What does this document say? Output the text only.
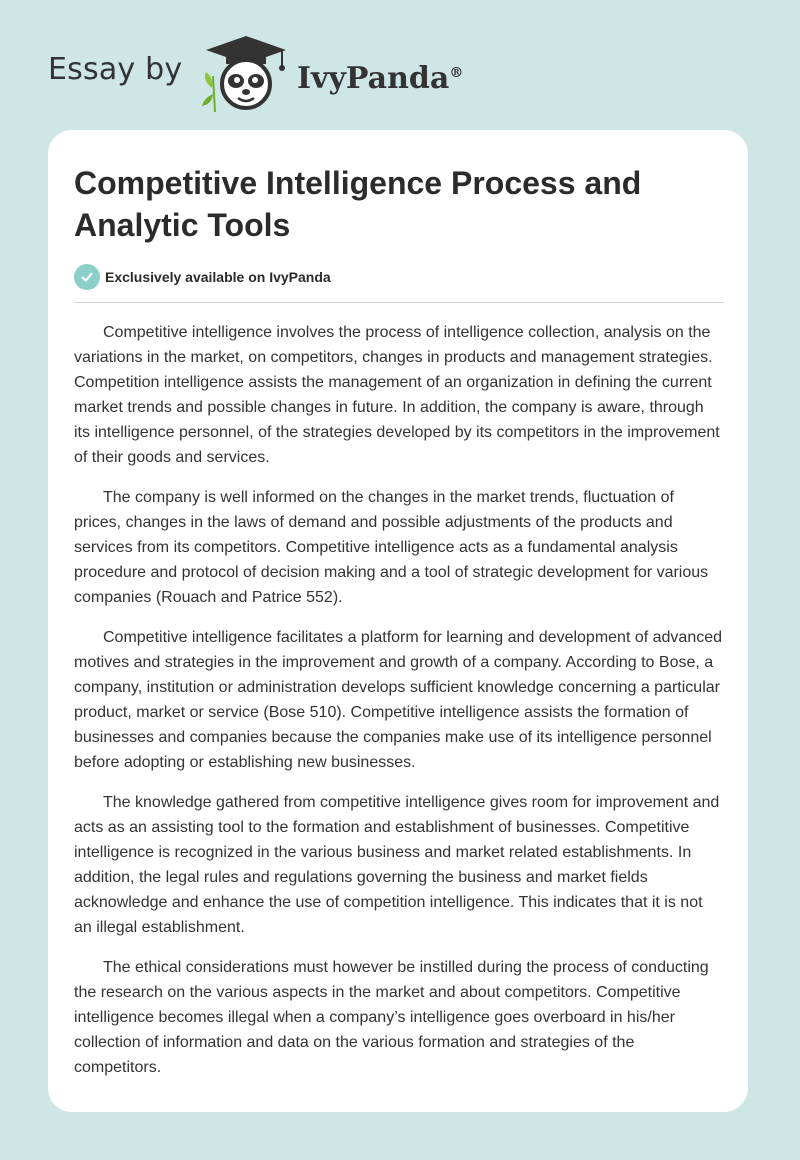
Essay by	IvyPanda®
Competitive Intelligence Process and Analytic Tools
Exclusively available on IvyPanda

Competitive intelligence involves the process of intelligence collection, analysis on the variations in the market, on competitors, changes in products and management strategies. Competition intelligence assists the management of an organization in defining the current market trends and possible changes in future. In addition, the company is aware, through its intelligence personnel, of the strategies developed by its competitors in the improvement of their goods and services.

The company is well informed on the changes in the market trends, fluctuation of prices, changes in the laws of demand and possible adjustments of the products and services from its competitors. Competitive intelligence acts as a fundamental analysis procedure and protocol of decision making and a tool of strategic development for various companies (Rouach and Patrice 552).

Competitive intelligence facilitates a platform for learning and development of advanced motives and strategies in the improvement and growth of a company. According to Bose, a company, institution or administration develops sufficient knowledge concerning a particular product, market or service (Bose 510). Competitive intelligence assists the formation of businesses and companies because the companies make use of its intelligence personnel before adopting or establishing new businesses.

The knowledge gathered from competitive intelligence gives room for improvement and acts as an assisting tool to the formation and establishment of businesses. Competitive intelligence is recognized in the various business and market related establishments. In addition, the legal rules and regulations governing the business and market fields acknowledge and enhance the use of competition intelligence. This indicates that it is not an illegal establishment.

The ethical considerations must however be instilled during the process of conducting the research on the various aspects in the market and about competitors. Competitive intelligence becomes illegal when a company’s intelligence goes overboard in his/her collection of information and data on the various formation and strategies of the competitors.
